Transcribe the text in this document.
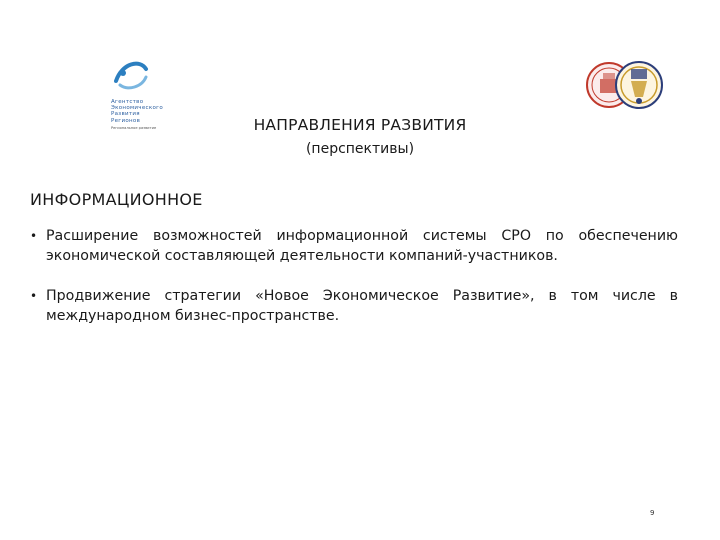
Агентство
Экономического
Развития
Регионов
Региональное развитие	НАПРАВЛЕНИЯ РАЗВИТИЯ
(перспективы)
ИНФОРМАЦИОННОЕ
• Расширение возможностей информационной системы СРО по обеспечению экономической составляющей деятельности компаний-участников.
• Продвижение стратегии «Новое Экономическое Развитие», в том числе в международном бизнес-пространстве.
9
